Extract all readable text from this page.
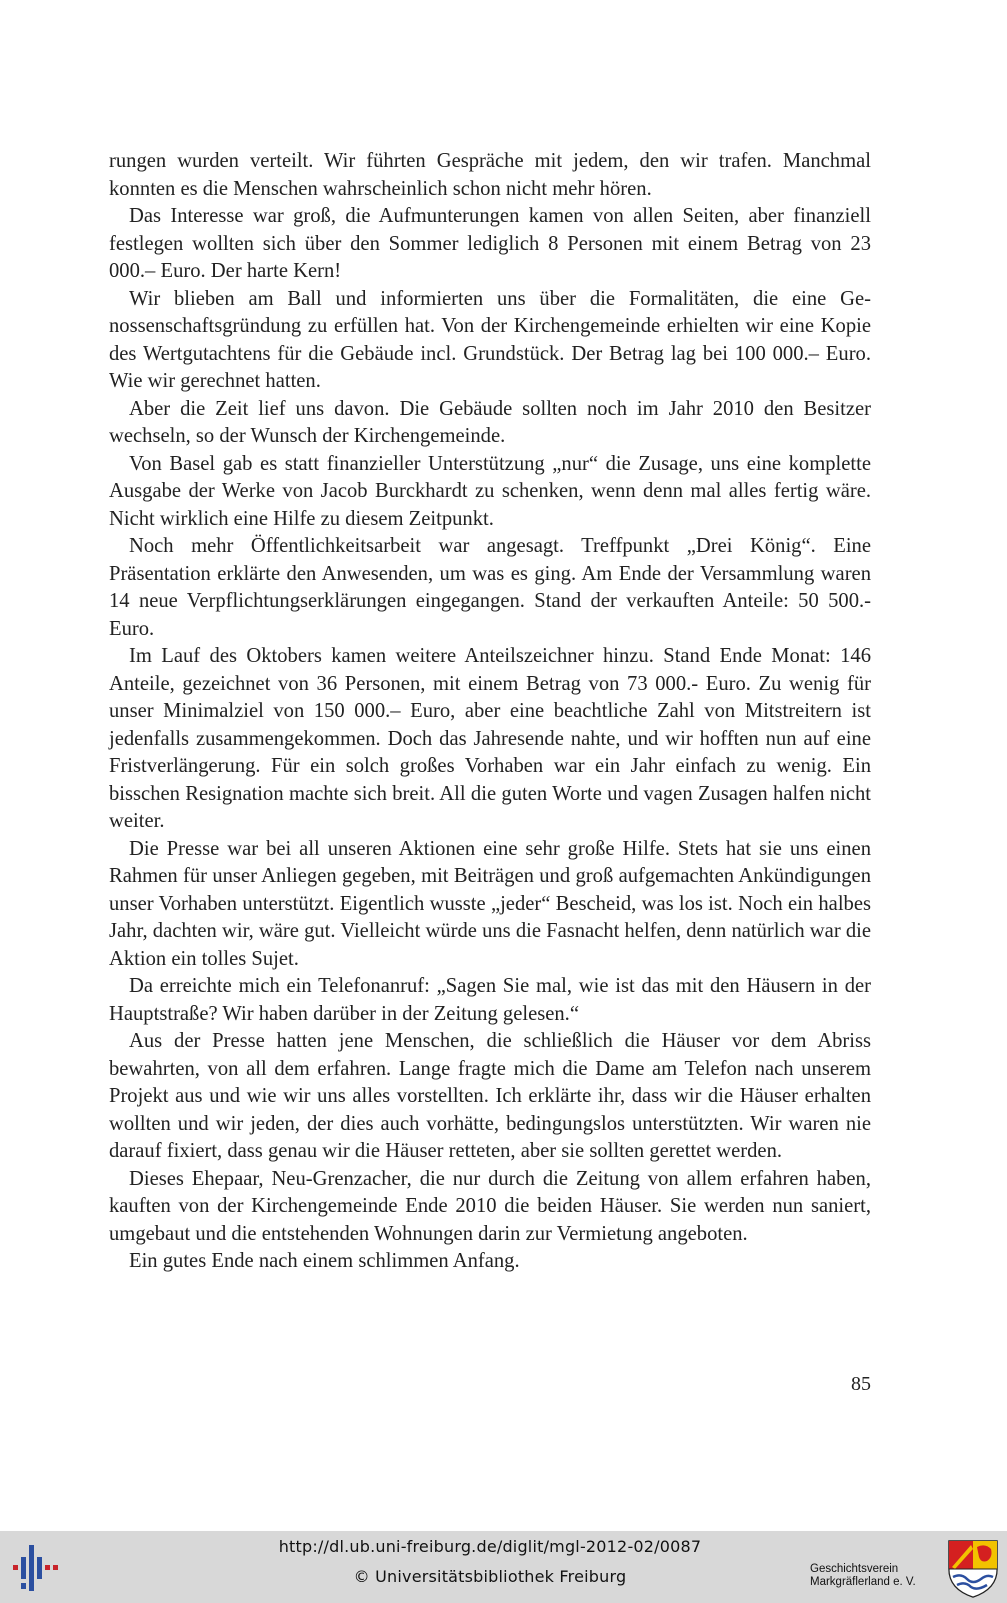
rungen wurden verteilt. Wir führten Gespräche mit jedem, den wir trafen. Manchmal konnten es die Menschen wahrscheinlich schon nicht mehr hören.

Das Interesse war groß, die Aufmunterungen kamen von allen Seiten, aber finanziell festlegen wollten sich über den Sommer lediglich 8 Personen mit einem Betrag von 23 000.– Euro. Der harte Kern!

Wir blieben am Ball und informierten uns über die Formalitäten, die eine Genossenschaftsgründung zu erfüllen hat. Von der Kirchengemeinde erhielten wir eine Kopie des Wertgutachtens für die Gebäude incl. Grundstück. Der Betrag lag bei 100 000.– Euro. Wie wir gerechnet hatten.

Aber die Zeit lief uns davon. Die Gebäude sollten noch im Jahr 2010 den Besitzer wechseln, so der Wunsch der Kirchengemeinde.

Von Basel gab es statt finanzieller Unterstützung „nur“ die Zusage, uns eine komplette Ausgabe der Werke von Jacob Burckhardt zu schenken, wenn denn mal alles fertig wäre. Nicht wirklich eine Hilfe zu diesem Zeitpunkt.

Noch mehr Öffentlichkeitsarbeit war angesagt. Treffpunkt „Drei König“. Eine Präsentation erklärte den Anwesenden, um was es ging. Am Ende der Versammlung waren 14 neue Verpflichtungserklärungen eingegangen. Stand der verkauften Anteile: 50 500.- Euro.

Im Lauf des Oktobers kamen weitere Anteilszeichner hinzu. Stand Ende Monat: 146 Anteile, gezeichnet von 36 Personen, mit einem Betrag von 73 000.- Euro. Zu wenig für unser Minimalziel von 150 000.– Euro, aber eine beachtliche Zahl von Mitstreitern ist jedenfalls zusammengekommen. Doch das Jahresende nahte, und wir hofften nun auf eine Fristverlängerung. Für ein solch großes Vorhaben war ein Jahr einfach zu wenig. Ein bisschen Resignation machte sich breit. All die guten Worte und vagen Zusagen halfen nicht weiter.

Die Presse war bei all unseren Aktionen eine sehr große Hilfe. Stets hat sie uns einen Rahmen für unser Anliegen gegeben, mit Beiträgen und groß aufgemachten Ankündigungen unser Vorhaben unterstützt. Eigentlich wusste „jeder“ Bescheid, was los ist. Noch ein halbes Jahr, dachten wir, wäre gut. Vielleicht würde uns die Fasnacht helfen, denn natürlich war die Aktion ein tolles Sujet.

Da erreichte mich ein Telefonanruf: „Sagen Sie mal, wie ist das mit den Häusern in der Hauptstraße? Wir haben darüber in der Zeitung gelesen.“

Aus der Presse hatten jene Menschen, die schließlich die Häuser vor dem Abriss bewahrten, von all dem erfahren. Lange fragte mich die Dame am Telefon nach unserem Projekt aus und wie wir uns alles vorstellten. Ich erklärte ihr, dass wir die Häuser erhalten wollten und wir jeden, der dies auch vorhätte, bedingungslos unterstützten. Wir waren nie darauf fixiert, dass genau wir die Häuser retteten, aber sie sollten gerettet werden.

Dieses Ehepaar, Neu-Grenzacher, die nur durch die Zeitung von allem erfahren haben, kauften von der Kirchengemeinde Ende 2010 die beiden Häuser. Sie werden nun saniert, umgebaut und die entstehenden Wohnungen darin zur Vermietung angeboten.

Ein gutes Ende nach einem schlimmen Anfang.

85
http://dl.ub.uni-freiburg.de/diglit/mgl-2012-02/0087
© Universitätsbibliothek Freiburg	Geschichtsverein
Markgräflerland e. V.
